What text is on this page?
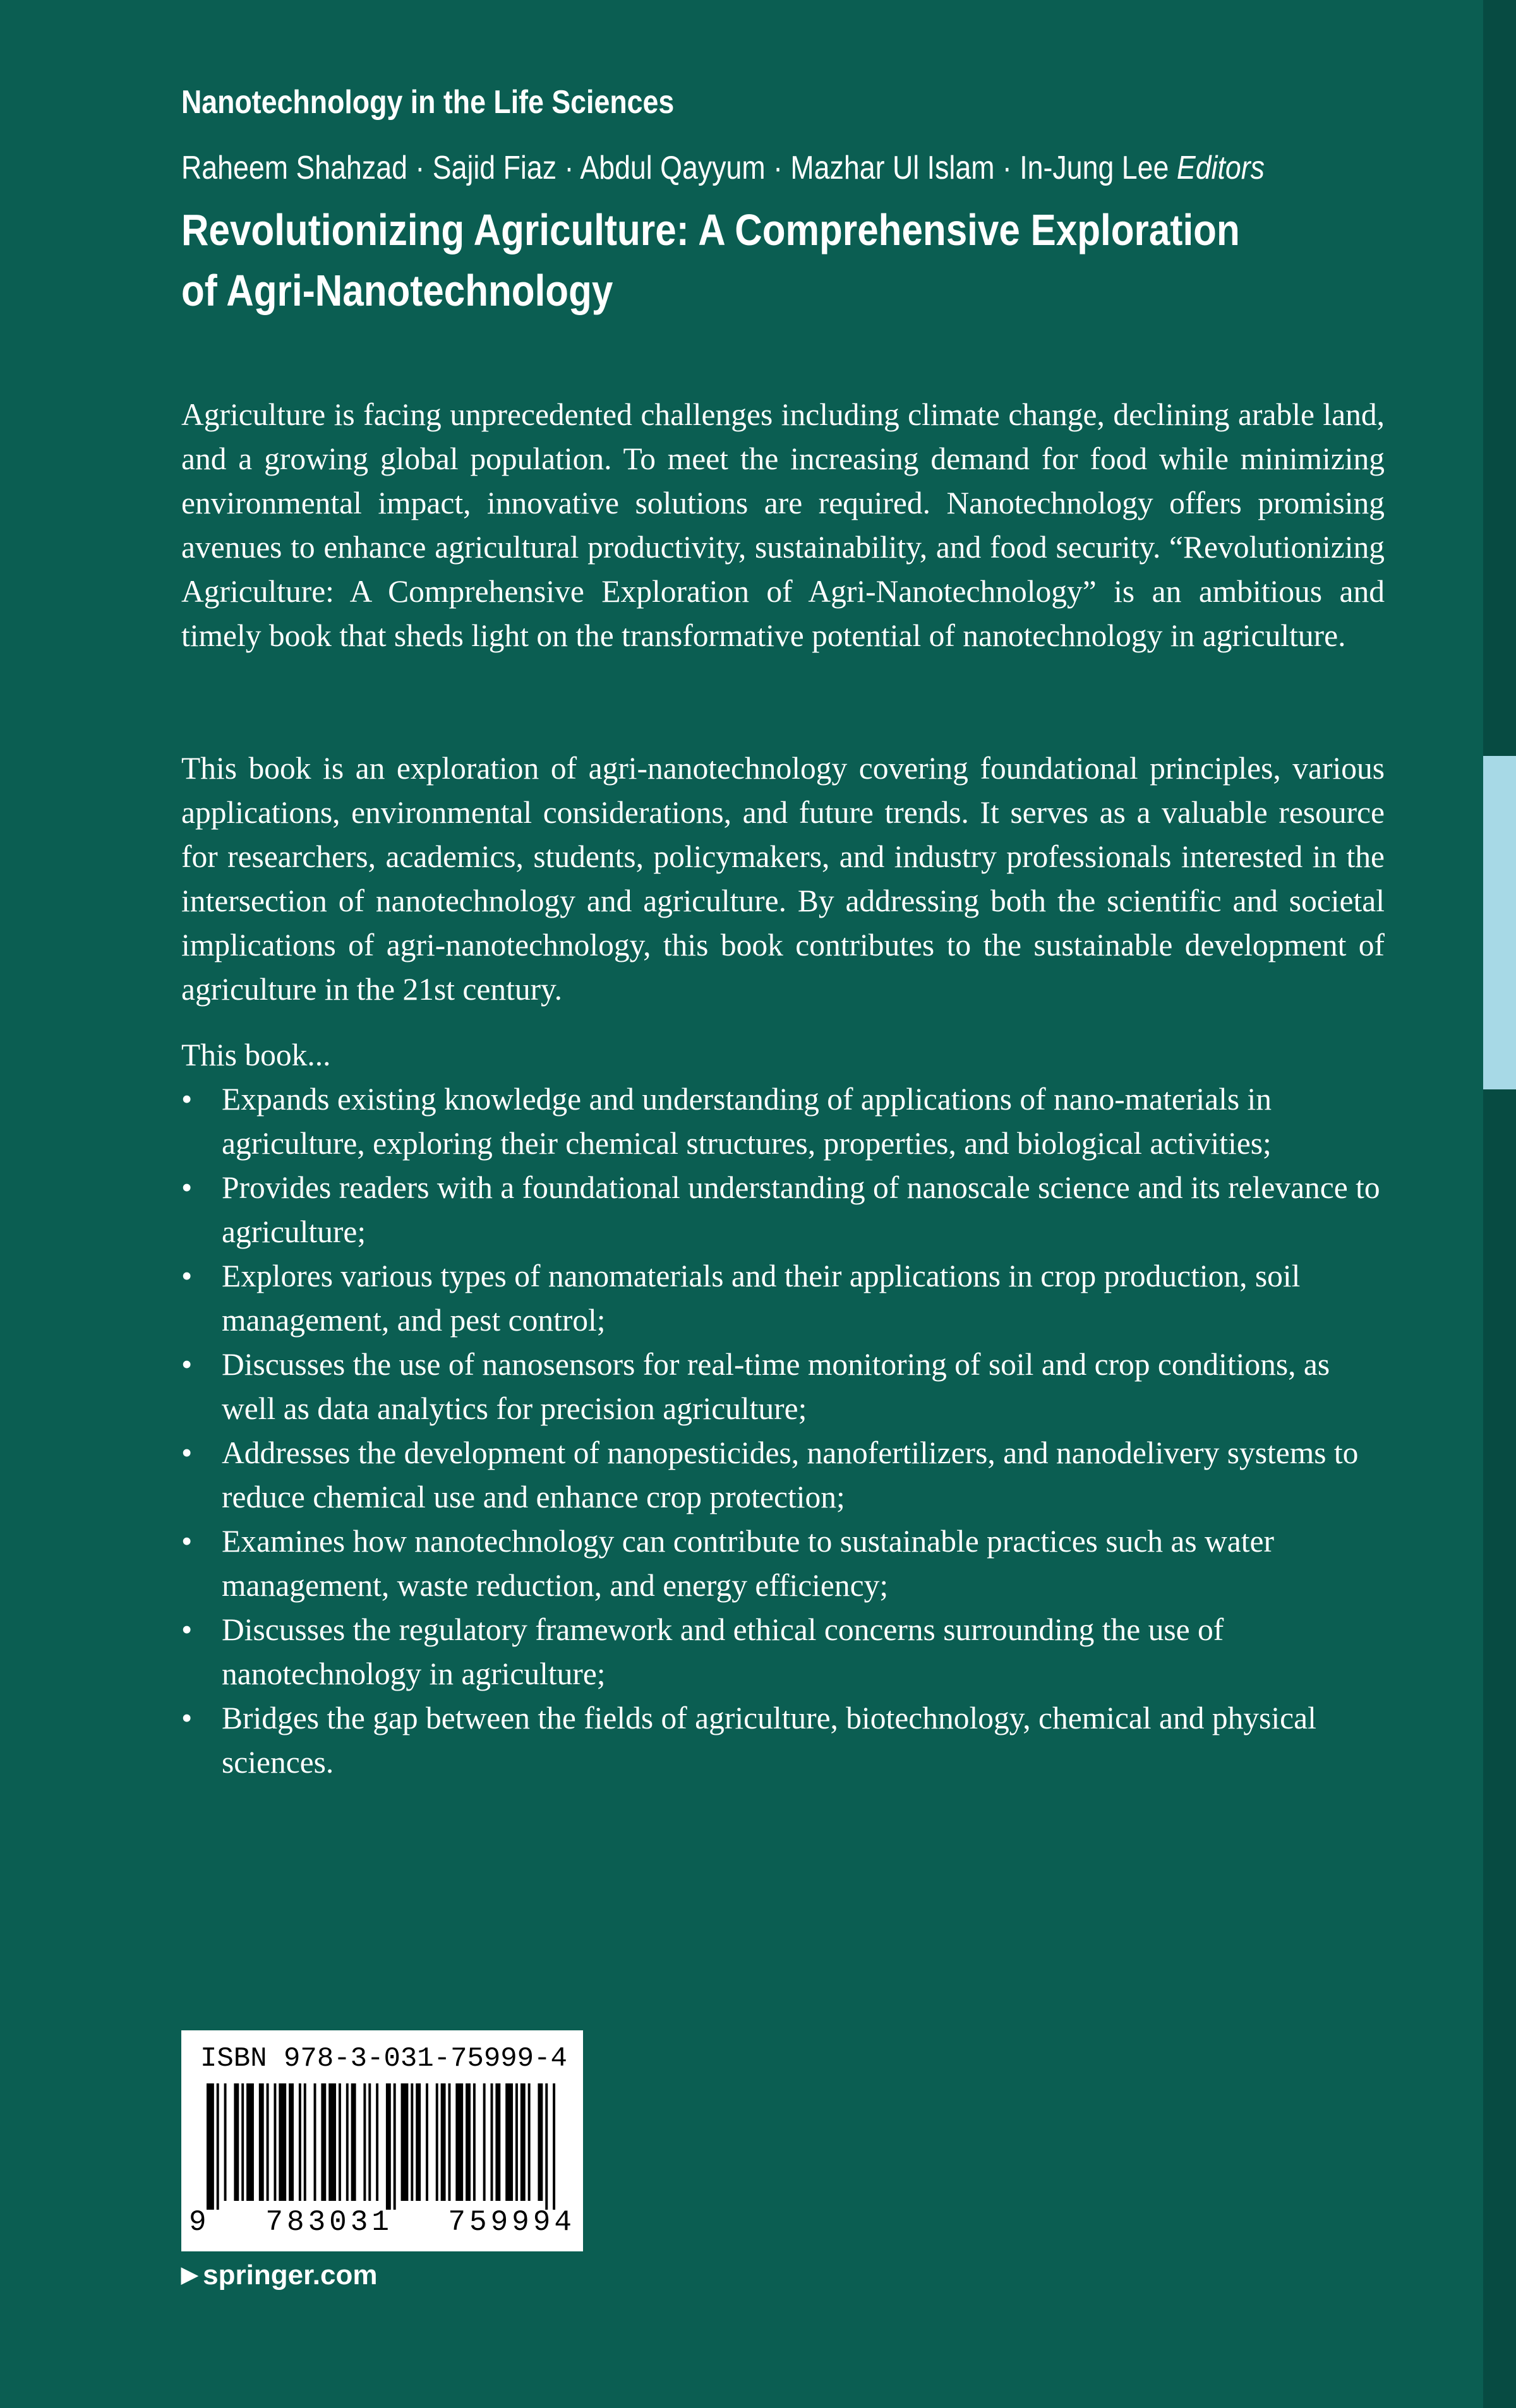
Nanotechnology in the Life Sciences
Raheem Shahzad · Sajid Fiaz · Abdul Qayyum · Mazhar Ul Islam · In-Jung Lee Editors
Revolutionizing Agriculture: A Comprehensive Exploration
of Agri-Nanotechnology

Agriculture is facing unprecedented challenges including climate change, declining arable land, and a growing global population. To meet the increasing demand for food while minimizing environmental impact, innovative solutions are required. Nanotechnology offers promising avenues to enhance agricultural productivity, sustainability, and food security. “Revolutionizing Agriculture: A Comprehensive Exploration of Agri-Nanotechnology” is an ambitious and timely book that sheds light on the transformative potential of nanotechnology in agriculture.

This book is an exploration of agri-nanotechnology covering foundational principles, various applications, environmental considerations, and future trends. It serves as a valuable resource for researchers, academics, students, policymakers, and industry professionals interested in the intersection of nanotechnology and agriculture. By addressing both the scientific and societal implications of agri-nanotechnology, this book contributes to the sustainable development of agriculture in the 21st century.

This book...
• Expands existing knowledge and understanding of applications of nano-materials in agriculture, exploring their chemical structures, properties, and biological activities;
• Provides readers with a foundational understanding of nanoscale science and its relevance to agriculture;
• Explores various types of nanomaterials and their applications in crop production, soil management, and pest control;
• Discusses the use of nanosensors for real-time monitoring of soil and crop conditions, as well as data analytics for precision agriculture;
• Addresses the development of nanopesticides, nanofertilizers, and nanodelivery systems to reduce chemical use and enhance crop protection;
• Examines how nanotechnology can contribute to sustainable practices such as water management, waste reduction, and energy efficiency;
• Discusses the regulatory framework and ethical concerns surrounding the use of nanotechnology in agriculture;
• Bridges the gap between the fields of agriculture, biotechnology, chemical and physical sciences.
ISBN 978-3-031-75999-4
9 783031 759994
▶ springer.com
